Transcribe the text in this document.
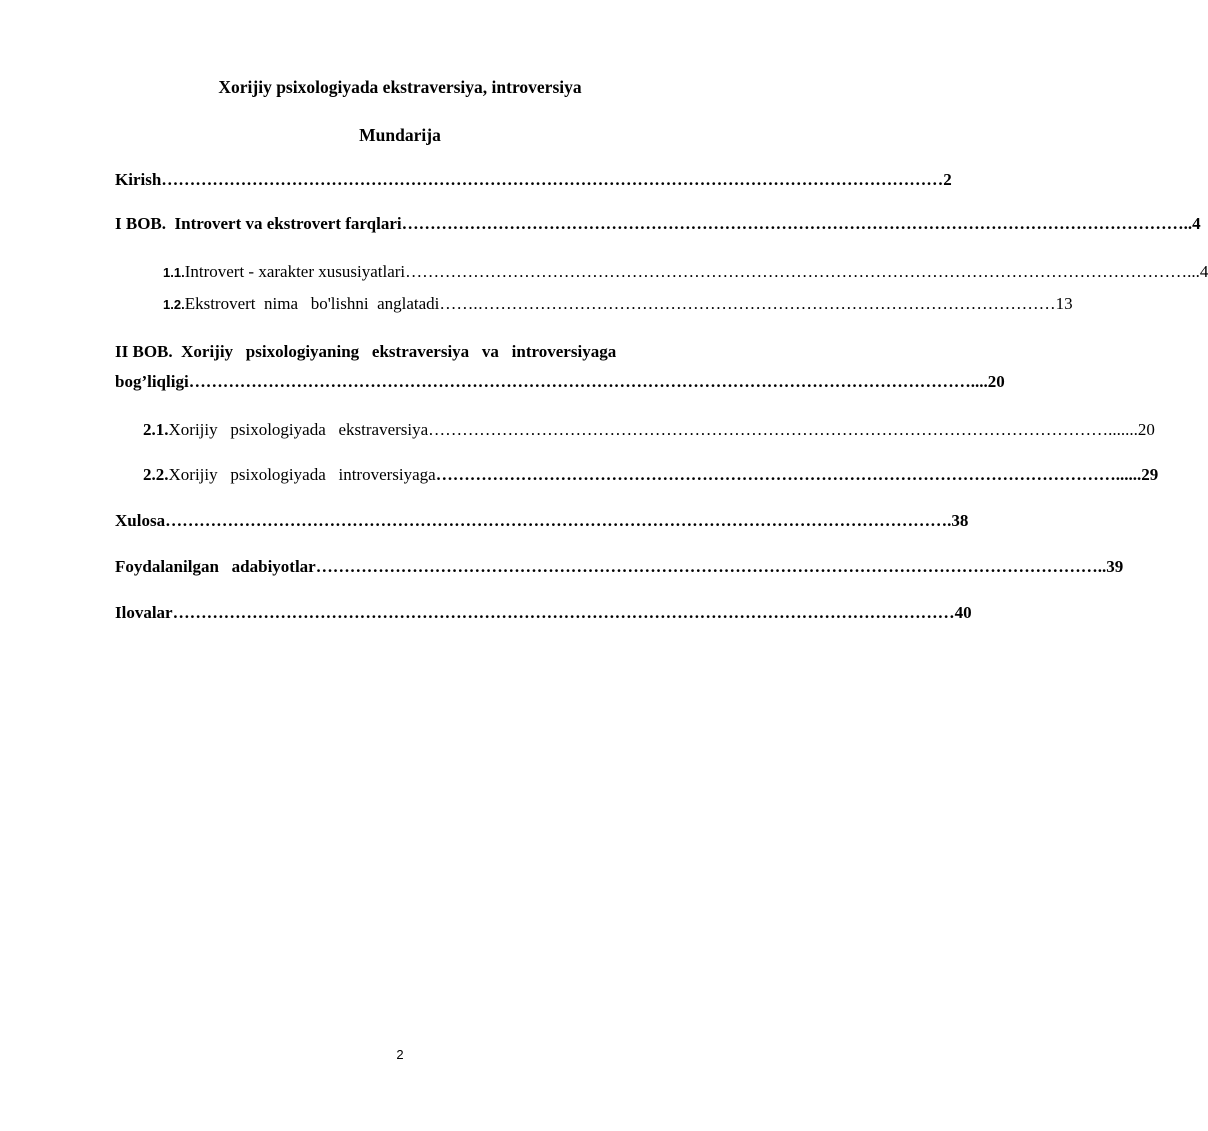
Xorijiy psixologiyada ekstraversiya, introversiya
Mundarija
Kirish ………………………………………………………………………………………………………………………… 2
I BOB.  Introvert va ekstrovert farqlari ………………………………………………………………………………………………………………………… ..4
1.1. Introvert - xarakter xususiyatlari ………………………………………………………………………………………………………………………… ...4
1.2. Ekstrovert  nima   bo'lishni  anglatadi …….………………………………………………………………………………………… 13
II BOB.  Xorijiy   psixologiyaning   ekstraversiya   va   introversiyaga
bog’liqligi ………………………………………………………………………………………………………………………… ....20
2.1. Xorijiy   psixologiyada   ekstraversiya ………………………………………………………………………………………………………… .......20
2.2. Xorijiy   psixologiyada   introversiyaga ………………………………………………………………………………………………………… ......29
Xulosa ………………………………………………………………………………………………………………………… .38
Foydalanilgan   adabiyotlar ………………………………………………………………………………………………………………………… ..39
Ilovalar ………………………………………………………………………………………………………………………… 40
2
